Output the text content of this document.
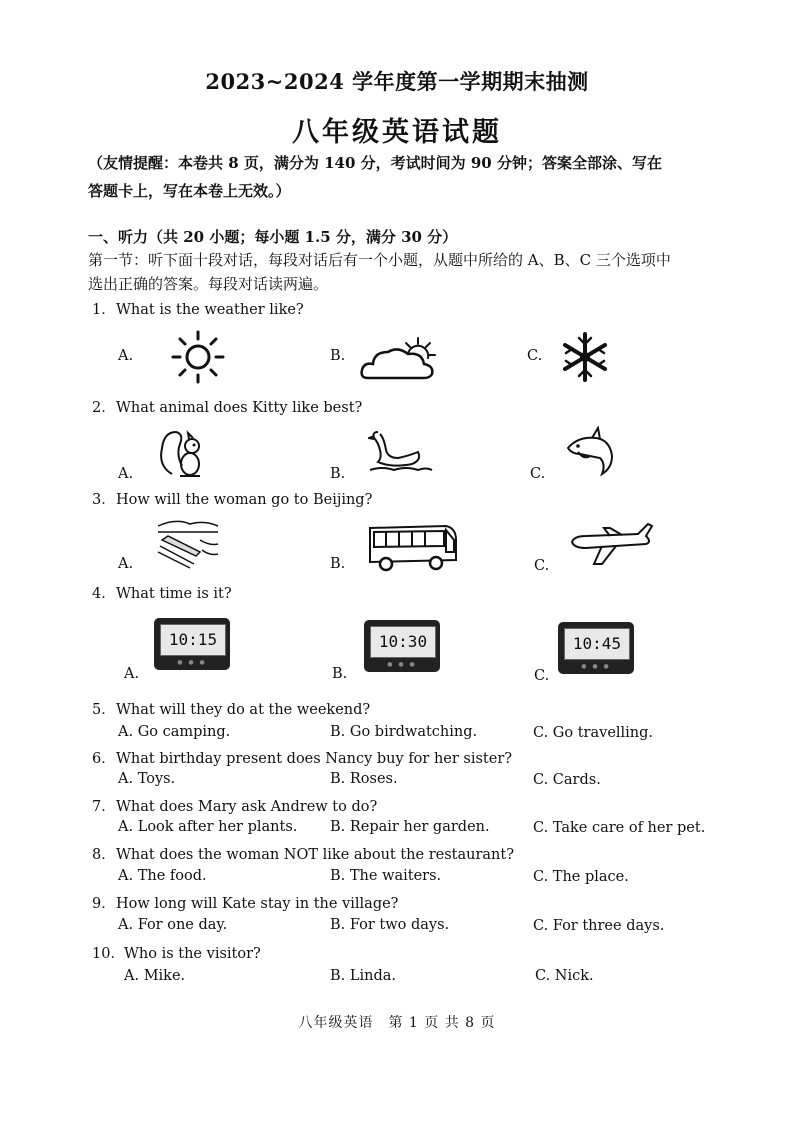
2023~2024 学年度第一学期期末抽测
八年级英语试题
（友情提醒：本卷共 8 页，满分为 140 分，考试时间为 90 分钟；答案全部涂、写在
答题卡上，写在本卷上无效。）
一、听力（共 20 小题；每小题 1.5 分，满分 30 分）
第一节：听下面十段对话，每段对话后有一个小题，从题中所给的 A、B、C 三个选项中
选出正确的答案。每段对话读两遍。
1．What is the weather like?
A.	B.	C.
2．What animal does Kitty like best?
A.	B.	C.
3．How will the woman go to Beijing?
A.	B.	C.
4．What time is it?
A.
10:15
● ● ●
B.
10:30
● ● ●
C.
10:45
● ● ●
5．What will they do at the weekend?
A. Go camping.	B. Go birdwatching.	C. Go travelling.
6．What birthday present does Nancy buy for her sister?
A. Toys.	B. Roses.	C. Cards.
7．What does Mary ask Andrew to do?
A. Look after her plants. B. Repair her garden.	C. Take care of her pet.
8．What does the woman NOT like about the restaurant?
A. The food.	B. The waiters.	C. The place.
9．How long will Kate stay in the village?
A. For one day.	B. For two days.	C. For three days.
10．Who is the visitor?
A. Mike.	B. Linda.	C. Nick.
八年级英语　第 1 页 共 8 页
